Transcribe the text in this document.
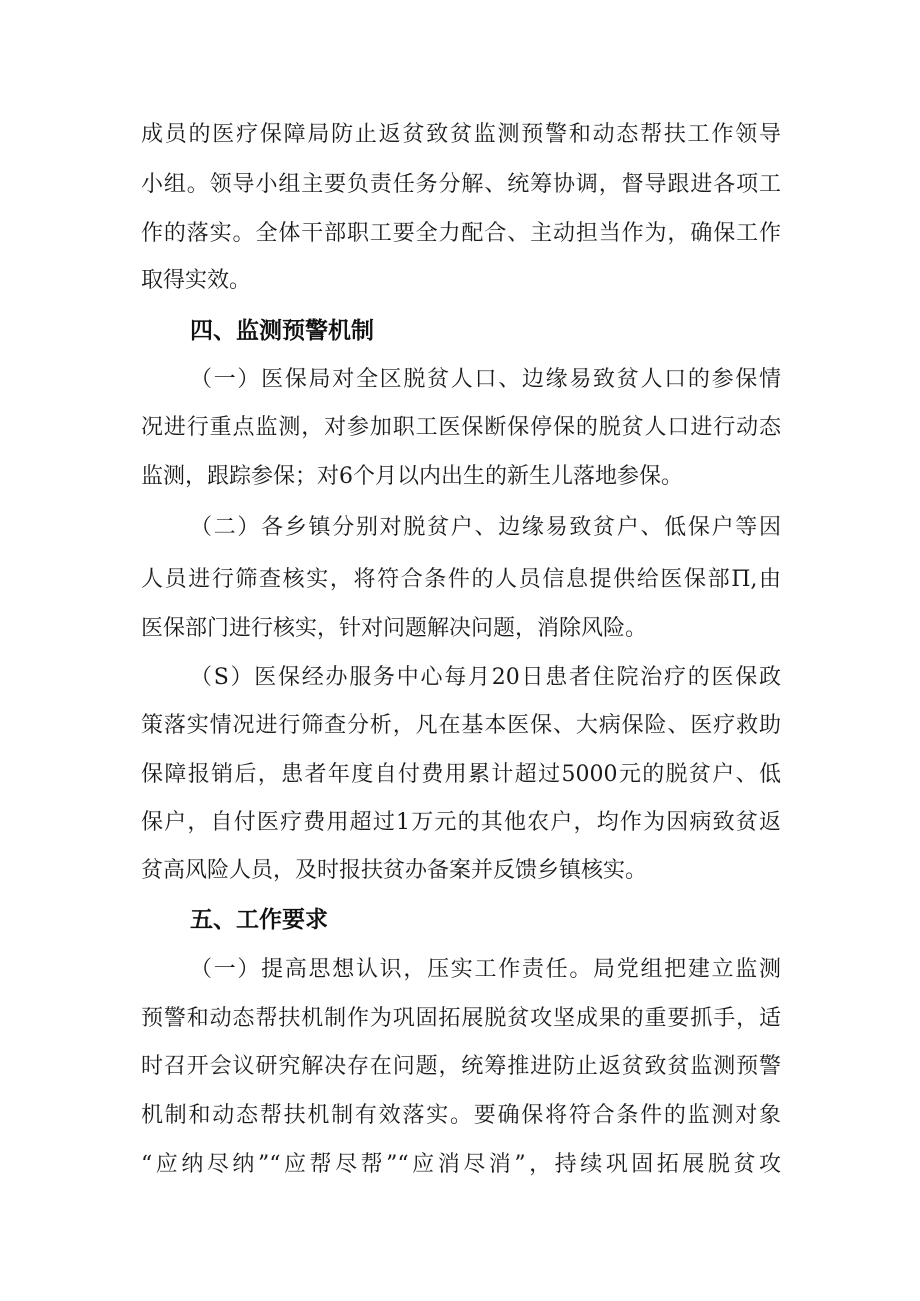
成员的医疗保障局防止返贫致贫监测预警和动态帮扶工作领导
小组。领导小组主要负责任务分解、统筹协调，督导跟进各项工
作的落实。全体干部职工要全力配合、主动担当作为，确保工作
取得实效。
四、监测预警机制
（一）医保局对全区脱贫人口、边缘易致贫人口的参保情
况进行重点监测，对参加职工医保断保停保的脱贫人口进行动态
监测，跟踪参保；对6个月以内出生的新生儿落地参保。
（二）各乡镇分别对脱贫户、边缘易致贫户、低保户等因
人员进行筛查核实，将符合条件的人员信息提供给医保部Π,由
医保部门进行核实，针对问题解决问题，消除风险。
（S）医保经办服务中心每月20日患者住院治疗的医保政
策落实情况进行筛查分析，凡在基本医保、大病保险、医疗救助
保障报销后，患者年度自付费用累计超过5000元的脱贫户、低
保户，自付医疗费用超过1万元的其他农户，均作为因病致贫返
贫高风险人员，及时报扶贫办备案并反馈乡镇核实。
五、工作要求
（一）提高思想认识，压实工作责任。局党组把建立监测
预警和动态帮扶机制作为巩固拓展脱贫攻坚成果的重要抓手，适
时召开会议研究解决存在问题，统筹推进防止返贫致贫监测预警
机制和动态帮扶机制有效落实。要确保将符合条件的监测对象
“应纳尽纳”“应帮尽帮”“应消尽消”，持续巩固拓展脱贫攻
